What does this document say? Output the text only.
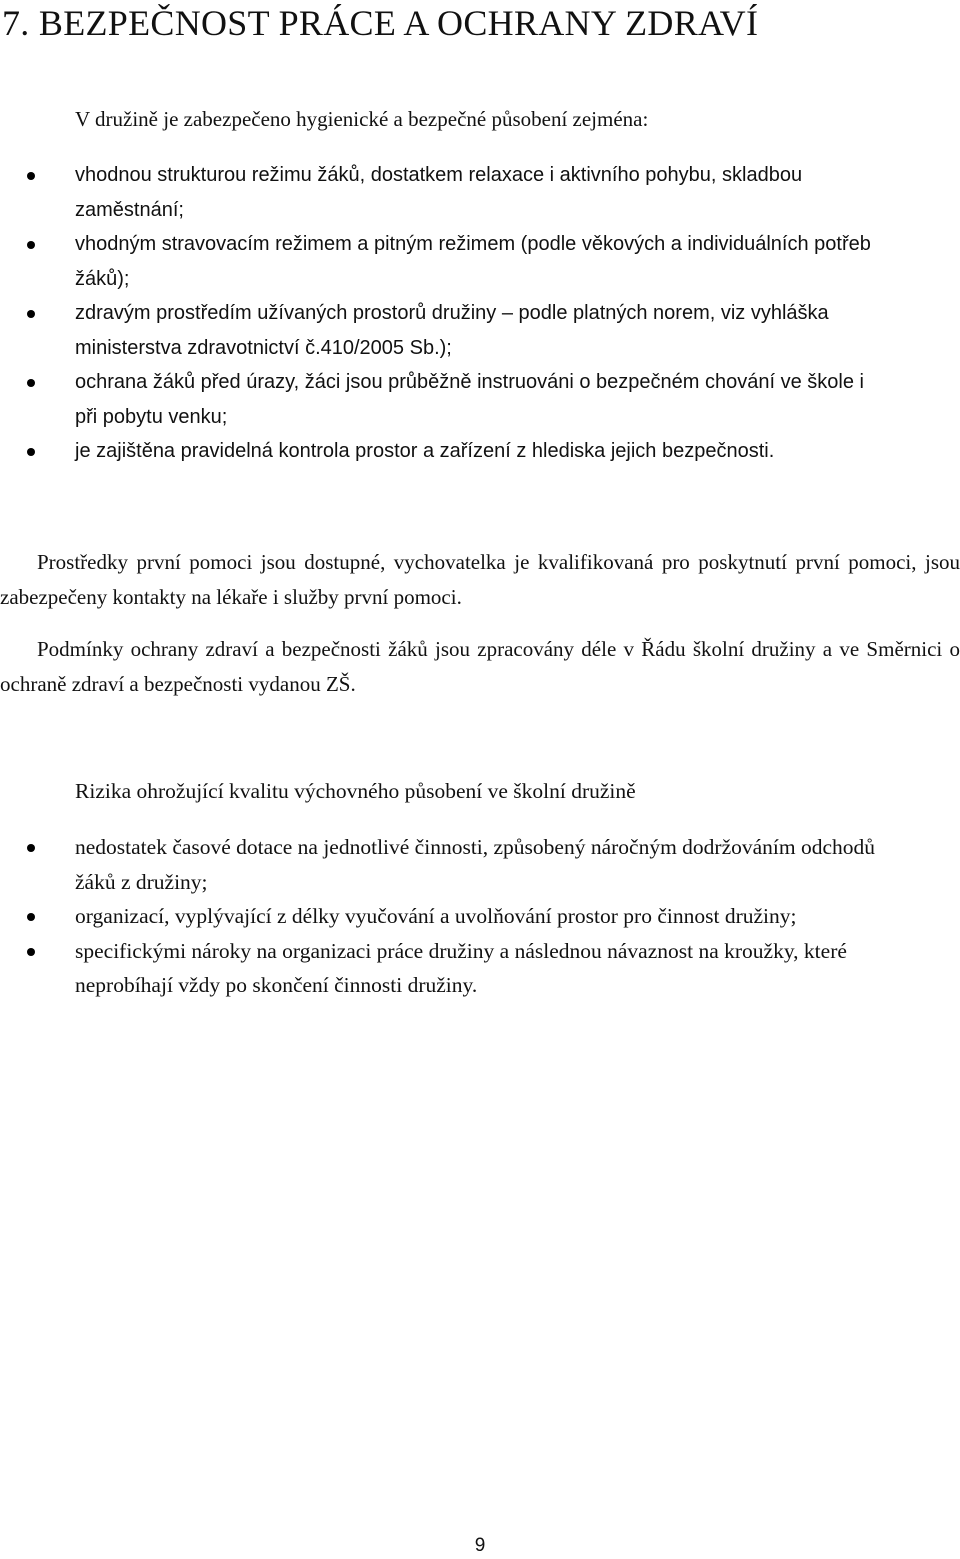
7. BEZPEČNOST PRÁCE A OCHRANY ZDRAVÍ

V družině je zabezpečeno hygienické a bezpečné působení zejména:

vhodnou strukturou režimu žáků, dostatkem relaxace i aktivního pohybu, skladbou zaměstnání;
vhodným stravovacím režimem a pitným režimem (podle věkových a individuálních potřeb žáků);
zdravým prostředím užívaných prostorů družiny – podle platných norem, viz vyhláška ministerstva zdravotnictví č.410/2005 Sb.);
ochrana žáků před úrazy, žáci jsou průběžně instruováni o bezpečném chování ve škole i při pobytu venku;
je zajištěna pravidelná kontrola prostor a zařízení z hlediska jejich bezpečnosti.

Prostředky první pomoci jsou dostupné, vychovatelka je kvalifikovaná pro poskytnutí první pomoci, jsou zabezpečeny kontakty na lékaře i služby první pomoci.

Podmínky ochrany zdraví a bezpečnosti žáků jsou zpracovány déle v Řádu školní družiny a ve Směrnici o ochraně zdraví a bezpečnosti vydanou ZŠ.

Rizika ohrožující kvalitu výchovného působení ve školní družině

nedostatek časové dotace na jednotlivé činnosti, způsobený náročným dodržováním odchodů žáků z družiny;
organizací, vyplývající z délky vyučování a uvolňování prostor pro činnost družiny;
specifickými nároky na organizaci práce družiny a následnou návaznost na kroužky, které neprobíhají vždy po skončení činnosti družiny.

9
